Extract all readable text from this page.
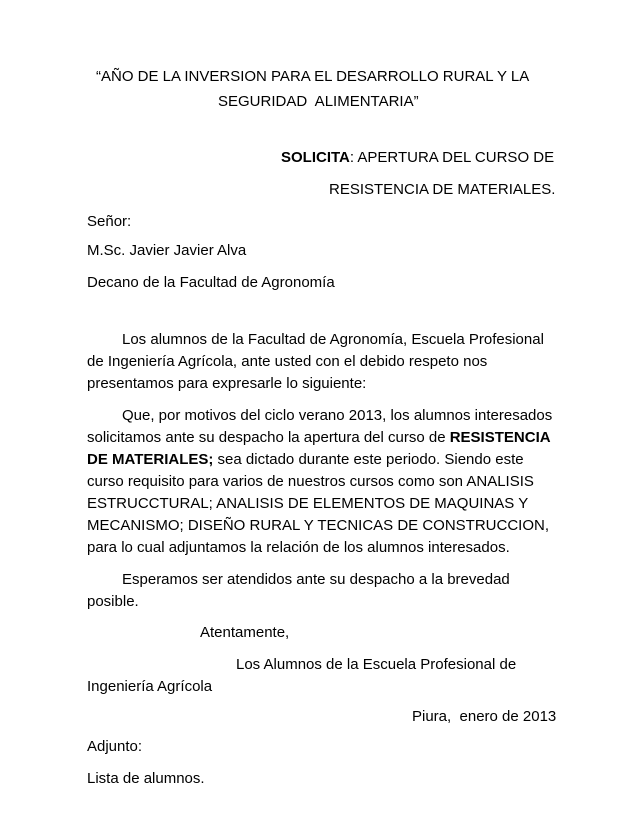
“AÑO DE LA INVERSION PARA EL DESARROLLO RURAL Y LA
SEGURIDAD  ALIMENTARIA”
SOLICITA: APERTURA DEL CURSO DE
RESISTENCIA DE MATERIALES.
Señor:
M.Sc. Javier Javier Alva
Decano de la Facultad de Agronomía
Los alumnos de la Facultad de Agronomía, Escuela Profesional
de Ingeniería Agrícola, ante usted con el debido respeto nos
presentamos para expresarle lo siguiente:
Que, por motivos del ciclo verano 2013, los alumnos interesados
solicitamos ante su despacho la apertura del curso de RESISTENCIA
DE MATERIALES; sea dictado durante este periodo. Siendo este
curso requisito para varios de nuestros cursos como son ANALISIS
ESTRUCCTURAL; ANALISIS DE ELEMENTOS DE MAQUINAS Y
MECANISMO; DISEÑO RURAL Y TECNICAS DE CONSTRUCCION,
para lo cual adjuntamos la relación de los alumnos interesados.
Esperamos ser atendidos ante su despacho a la brevedad
posible.
Atentamente,
Los Alumnos de la Escuela Profesional de
Ingeniería Agrícola
Piura,  enero de 2013
Adjunto:
Lista de alumnos.
